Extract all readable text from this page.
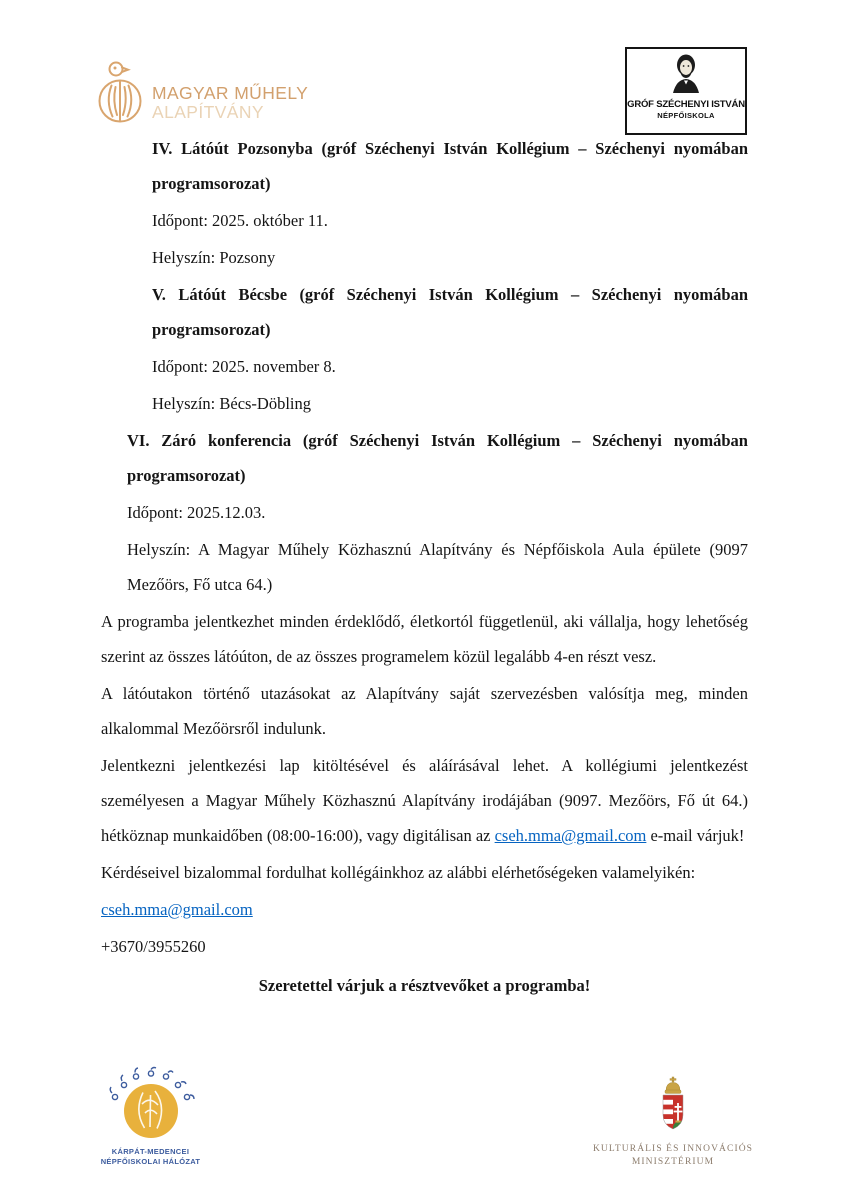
MAGYAR MŰHELY
ALAPÍTVÁNY	GRÓF SZÉCHENYI ISTVÁN
NÉPFŐISKOLA

IV. Látóút Pozsonyba (gróf Széchenyi István Kollégium – Széchenyi nyomában programsorozat)

Időpont: 2025. október 11.

Helyszín: Pozsony

V. Látóút Bécsbe (gróf Széchenyi István Kollégium – Széchenyi nyomában programsorozat)

Időpont: 2025. november 8.

Helyszín: Bécs-Döbling

VI. Záró konferencia (gróf Széchenyi István Kollégium – Széchenyi nyomában programsorozat)

Időpont: 2025.12.03.

Helyszín: A Magyar Műhely Közhasznú Alapítvány és Népfőiskola Aula épülete (9097 Mezőörs, Fő utca 64.)

A programba jelentkezhet minden érdeklődő, életkortól függetlenül, aki vállalja, hogy lehetőség szerint az összes látóúton, de az összes programelem közül legalább 4-en részt vesz.

A látóutakon történő utazásokat az Alapítvány saját szervezésben valósítja meg, minden alkalommal Mezőörsről indulunk.

Jelentkezni jelentkezési lap kitöltésével és aláírásával lehet. A kollégiumi jelentkezést személyesen a Magyar Műhely Közhasznú Alapítvány irodájában (9097. Mezőörs, Fő út 64.) hétköznap munkaidőben (08:00-16:00), vagy digitálisan az cseh.mma@gmail.com e-mail várjuk!

Kérdéseivel bizalommal fordulhat kollégáinkhoz az alábbi elérhetőségeken valamelyikén:

cseh.mma@gmail.com

+3670/3955260

Szeretettel várjuk a résztvevőket a programba!

KÁRPÁT-MEDENCEI
NÉPFŐISKOLAI HÁLÓZAT
KULTURÁLIS ÉS INNOVÁCIÓS
MINISZTÉRIUM
